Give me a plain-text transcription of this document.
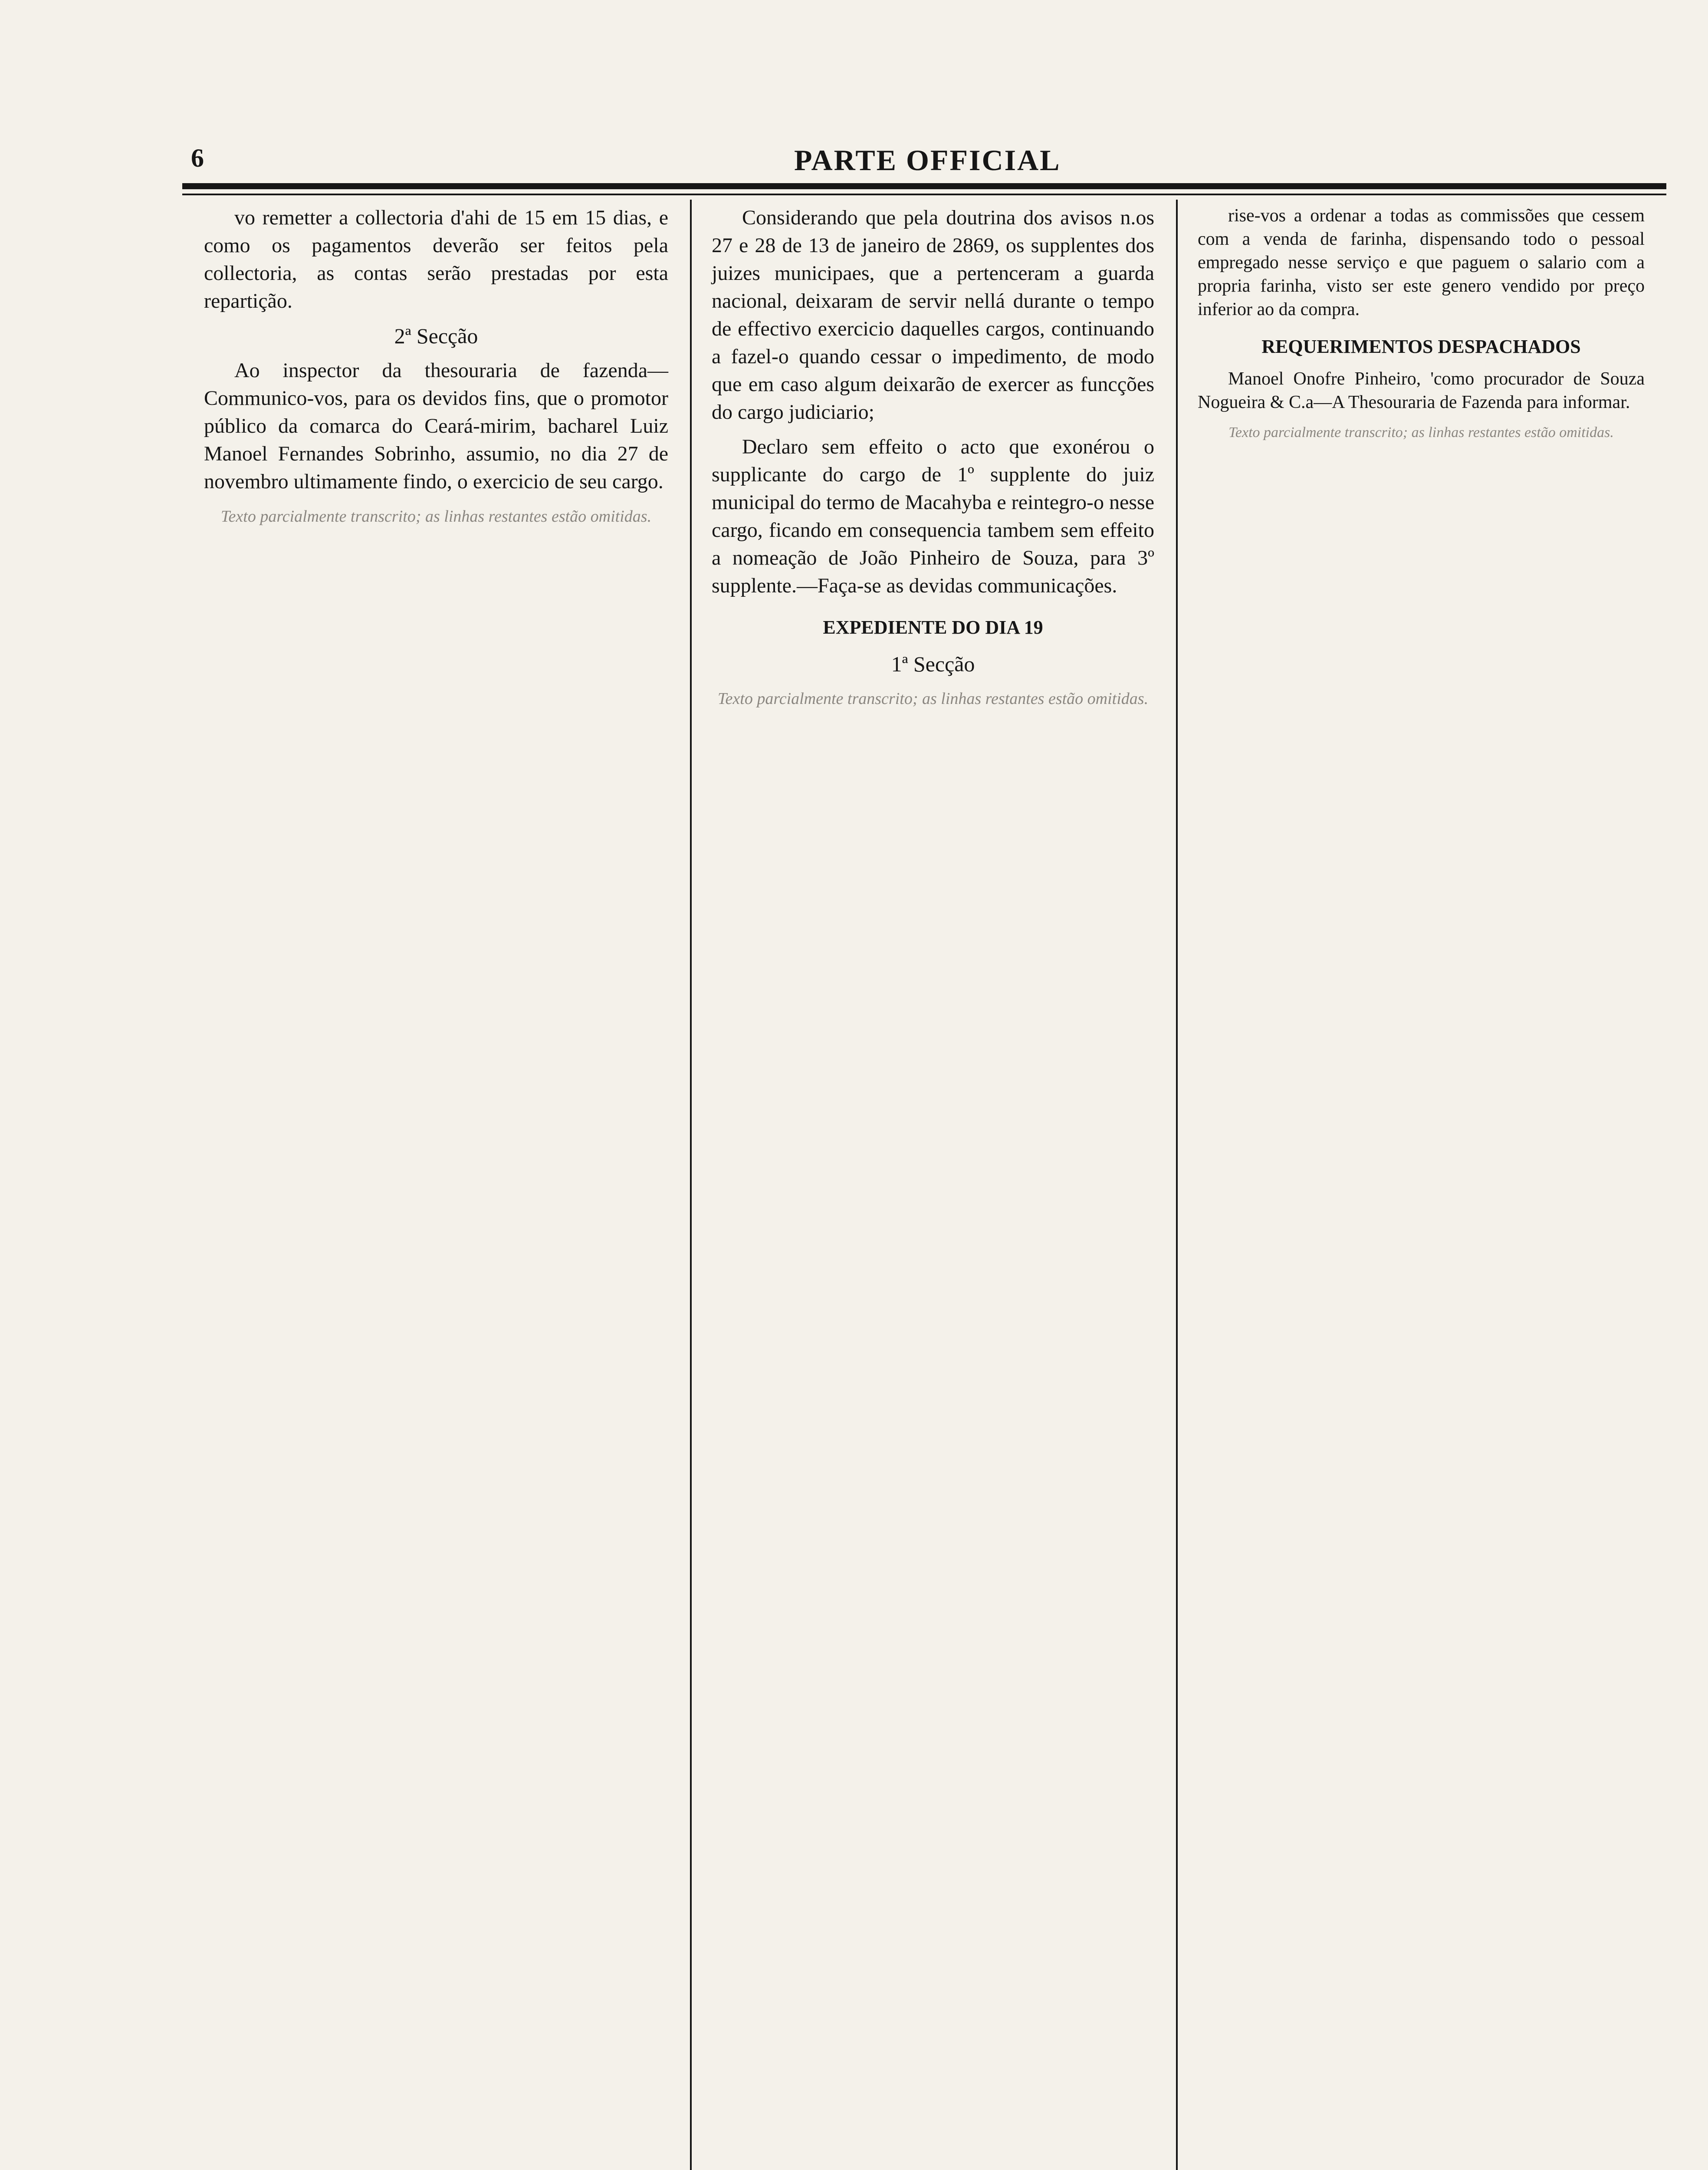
6	PARTE OFFICIAL

vo remetter a collectoria d'ahi de 15 em 15 dias, e como os pagamentos deverão ser feitos pela collectoria, as contas serão prestadas por esta repartição.

2ª Secção

Ao inspector da thesouraria de fazenda—Communico-vos, para os devidos fins, que o promotor público da comarca do Ceará-mirim, bacharel Luiz Manoel Fernandes Sobrinho, assumio, no dia 27 de novembro ultimamente findo, o exercicio de seu cargo.

Texto parcialmente transcrito; as linhas restantes estão omitidas.

Considerando que pela doutrina dos avisos n.os 27 e 28 de 13 de janeiro de 2869, os supplentes dos juizes municipaes, que a pertenceram a guarda nacional, deixaram de servir nellá durante o tempo de effectivo exercicio daquelles cargos, continuando a fazel-o quando cessar o impedimento, de modo que em caso algum deixarão de exercer as funcções do cargo judiciario;

Declaro sem effeito o acto que exonérou o supplicante do cargo de 1º supplente do juiz municipal do termo de Macahyba e reintegro-o nesse cargo, ficando em consequencia tambem sem effeito a nomeação de João Pinheiro de Souza, para 3º supplente.—Faça-se as devidas communicações.

EXPEDIENTE DO DIA 19

1ª Secção

Texto parcialmente transcrito; as linhas restantes estão omitidas.

rise-vos a ordenar a todas as commissões que cessem com a venda de farinha, dispensando todo o pessoal empregado nesse serviço e que paguem o salario com a propria farinha, visto ser este genero vendido por preço inferior ao da compra.

REQUERIMENTOS DESPACHADOS

Manoel Onofre Pinheiro, 'como procurador de Souza Nogueira & C.a—A Thesouraria de Fazenda para informar.

Texto parcialmente transcrito; as linhas restantes estão omitidas.
